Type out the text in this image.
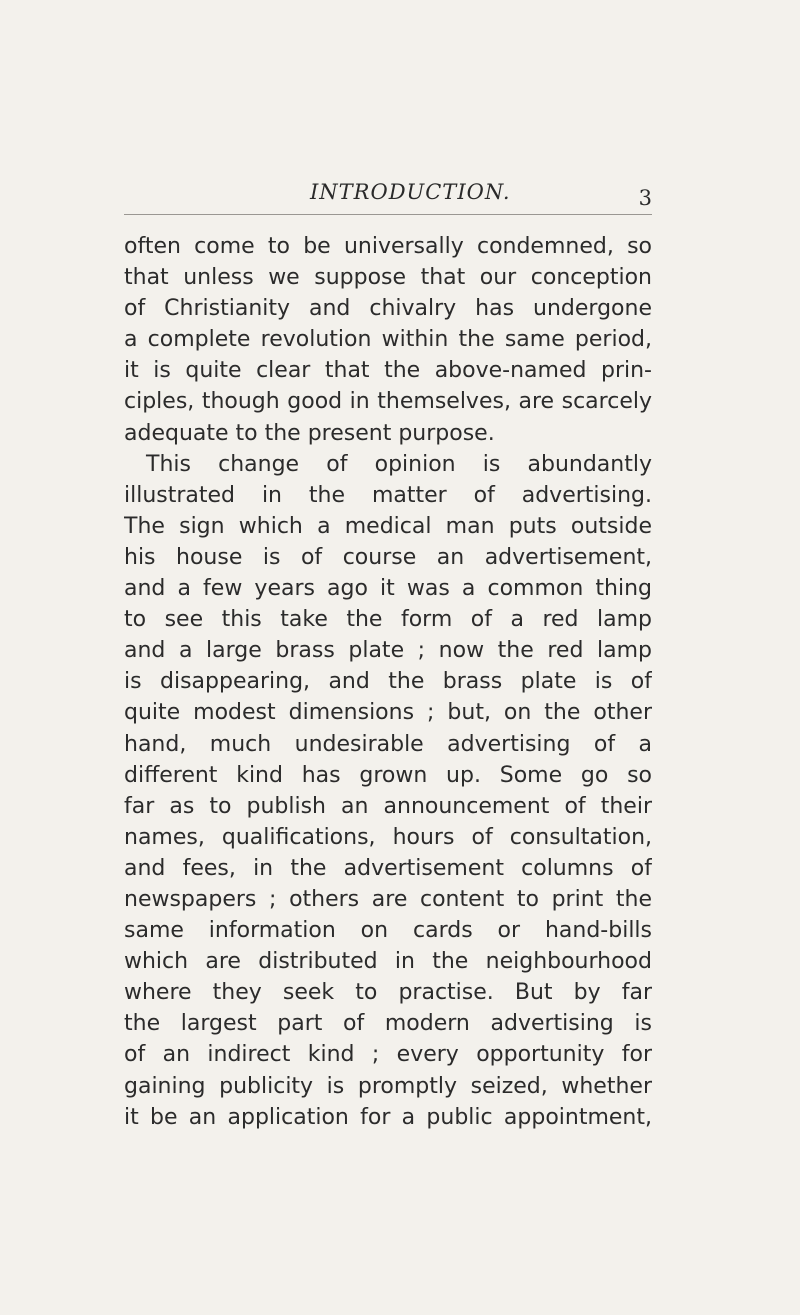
INTRODUCTION.	3
often come to be universally condemned, so
that unless we suppose that our conception
of Christianity and chivalry has undergone
a complete revolution within the same period,
it is quite clear that the above-named prin-
ciples, though good in themselves, are scarcely
adequate to the present purpose.
This change of opinion is abundantly
illustrated in the matter of advertising.
The sign which a medical man puts outside
his house is of course an advertisement,
and a few years ago it was a common thing
to see this take the form of a red lamp
and a large brass plate ; now the red lamp
is disappearing, and the brass plate is of
quite modest dimensions ; but, on the other
hand, much undesirable advertising of a
different kind has grown up. Some go so
far as to publish an announcement of their
names, qualifications, hours of consultation,
and fees, in the advertisement columns of
newspapers ; others are content to print the
same information on cards or hand-bills
which are distributed in the neighbourhood
where they seek to practise. But by far
the largest part of modern advertising is
of an indirect kind ; every opportunity for
gaining publicity is promptly seized, whether
it be an application for a public appointment,
